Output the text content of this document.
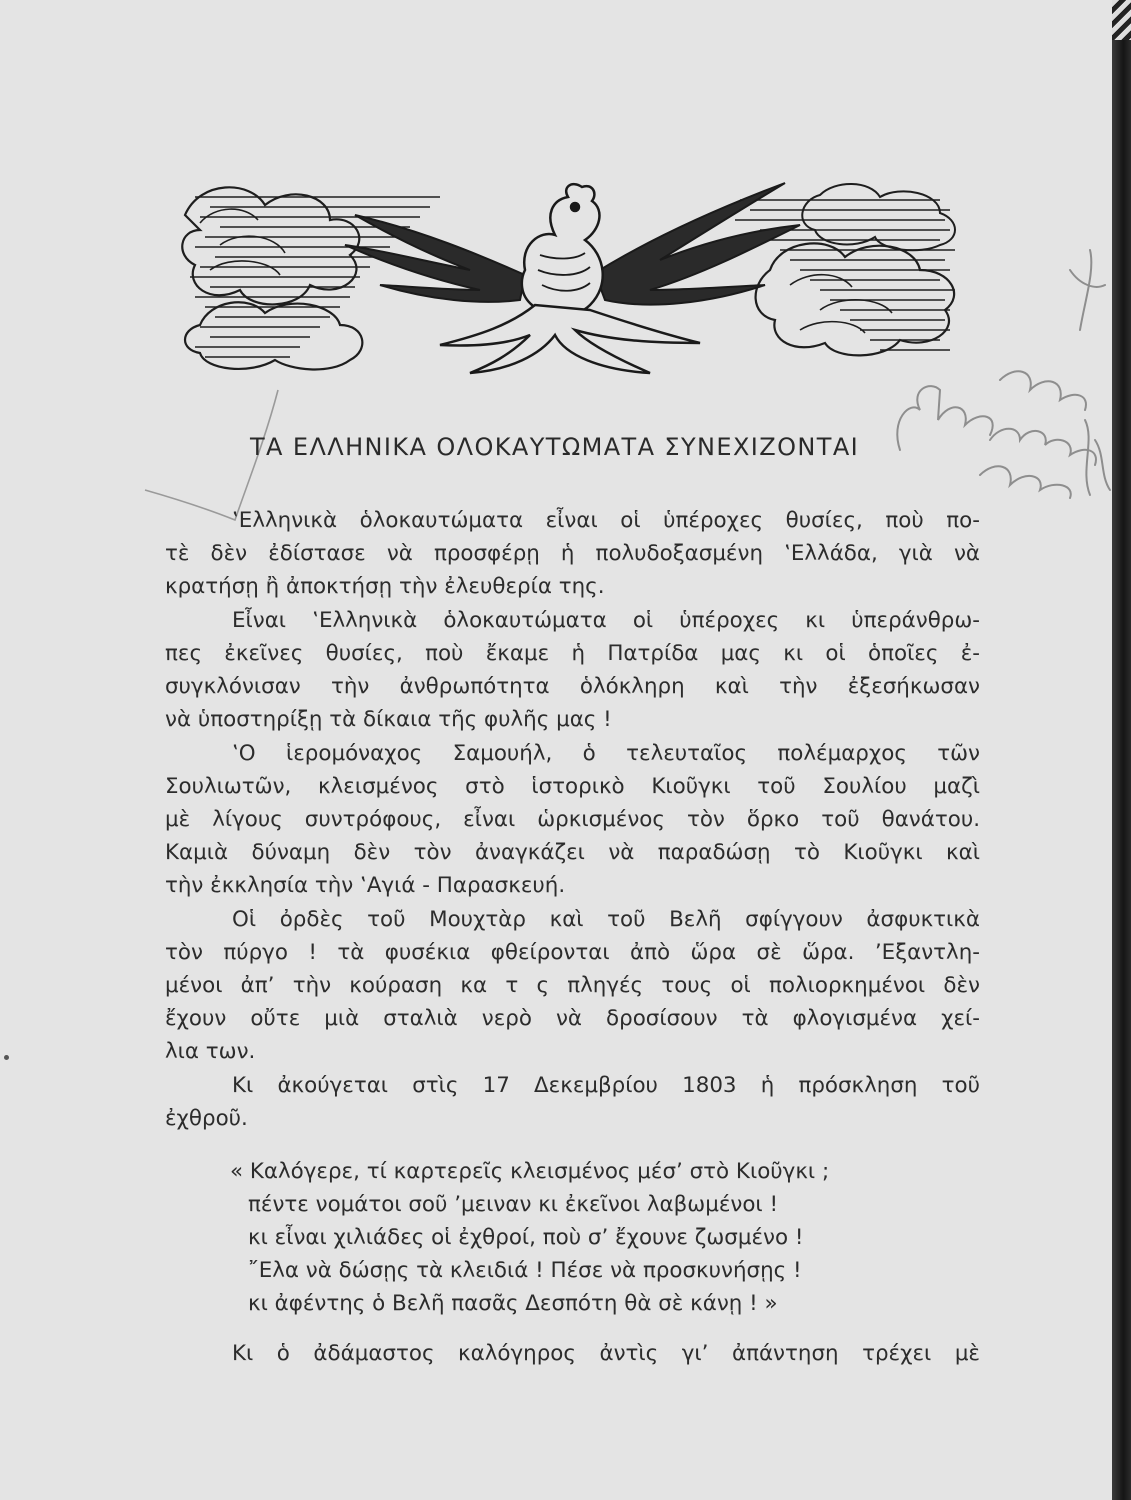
ΤΑ ΕΛΛΗΝΙΚΑ ΟΛΟΚΑΥΤΩΜΑΤΑ ΣΥΝΕΧΙΖΟΝΤΑΙ
‛Ελληνικὰ ὁλοκαυτώματα εἶναι οἱ ὑπέροχες θυσίες, ποὺ πο-
τὲ δὲν ἐδίστασε νὰ προσφέρῃ ἡ πολυδοξασμένη ‛Ελλάδα, γιὰ νὰ
κρατήσῃ ἢ ἀποκτήσῃ τὴν ἐλευθερία της.
Εἶναι ‛Ελληνικὰ ὁλοκαυτώματα οἱ ὑπέροχες κι ὑπεράνθρω-
πες ἐκεῖνες θυσίες, ποὺ ἔκαμε ἡ Πατρίδα μας κι οἱ ὁποῖες ἐ-
συγκλόνισαν τὴν ἀνθρωπότητα ὁλόκληρη καὶ τὴν ἐξεσήκωσαν
νὰ ὑποστηρίξῃ τὰ δίκαια τῆς φυλῆς μας !
‛Ο ἱερομόναχος Σαμουήλ, ὁ τελευταῖος πολέμαρχος τῶν
Σουλιωτῶν, κλεισμένος στὸ ἱστορικὸ Κιοῦγκι τοῦ Σουλίου μαζὶ
μὲ λίγους συντρόφους, εἶναι ὡρκισμένος τὸν ὅρκο τοῦ θανάτου.
Καμιὰ δύναμη δὲν τὸν ἀναγκάζει νὰ παραδώσῃ τὸ Κιοῦγκι καὶ
τὴν ἐκκλησία τὴν ‛Αγιά - Παρασκευή.
Οἱ ὀρδὲς τοῦ Μουχτὰρ καὶ τοῦ Βελῆ σφίγγουν ἀσφυκτικὰ
τὸν πύργο ! τὰ φυσέκια φθείρονται ἀπὸ ὥρα σὲ ὥρα. ’Εξαντλη-
μένοι ἀπ’ τὴν κούραση κα τ ς πληγές τους οἱ πολιορκημένοι δὲν
ἔχουν οὔτε μιὰ σταλιὰ νερὸ νὰ δροσίσουν τὰ φλογισμένα χεί-
λια των.
Κι ἀκούγεται στὶς 17 Δεκεμβρίου 1803 ἡ πρόσκληση τοῦ
ἐχθροῦ.
« Καλόγερε, τί καρτερεῖς κλεισμένος μέσ’ στὸ Κιοῦγκι ;
πέντε νομάτοι σοῦ ’μειναν κι ἐκεῖνοι λαβωμένοι !
κι εἶναι χιλιάδες οἱ ἐχθροί, ποὺ σ’ ἔχουνε ζωσμένο !
῎Ελα νὰ δώσῃς τὰ κλειδιά ! Πέσε νὰ προσκυνήσῃς !
κι ἀφέντης ὁ Βελῆ πασᾶς Δεσπότη θὰ σὲ κάνῃ ! »
Κι ὁ ἀδάμαστος καλόγηρος ἀντὶς γι’ ἀπάντηση τρέχει μὲ
